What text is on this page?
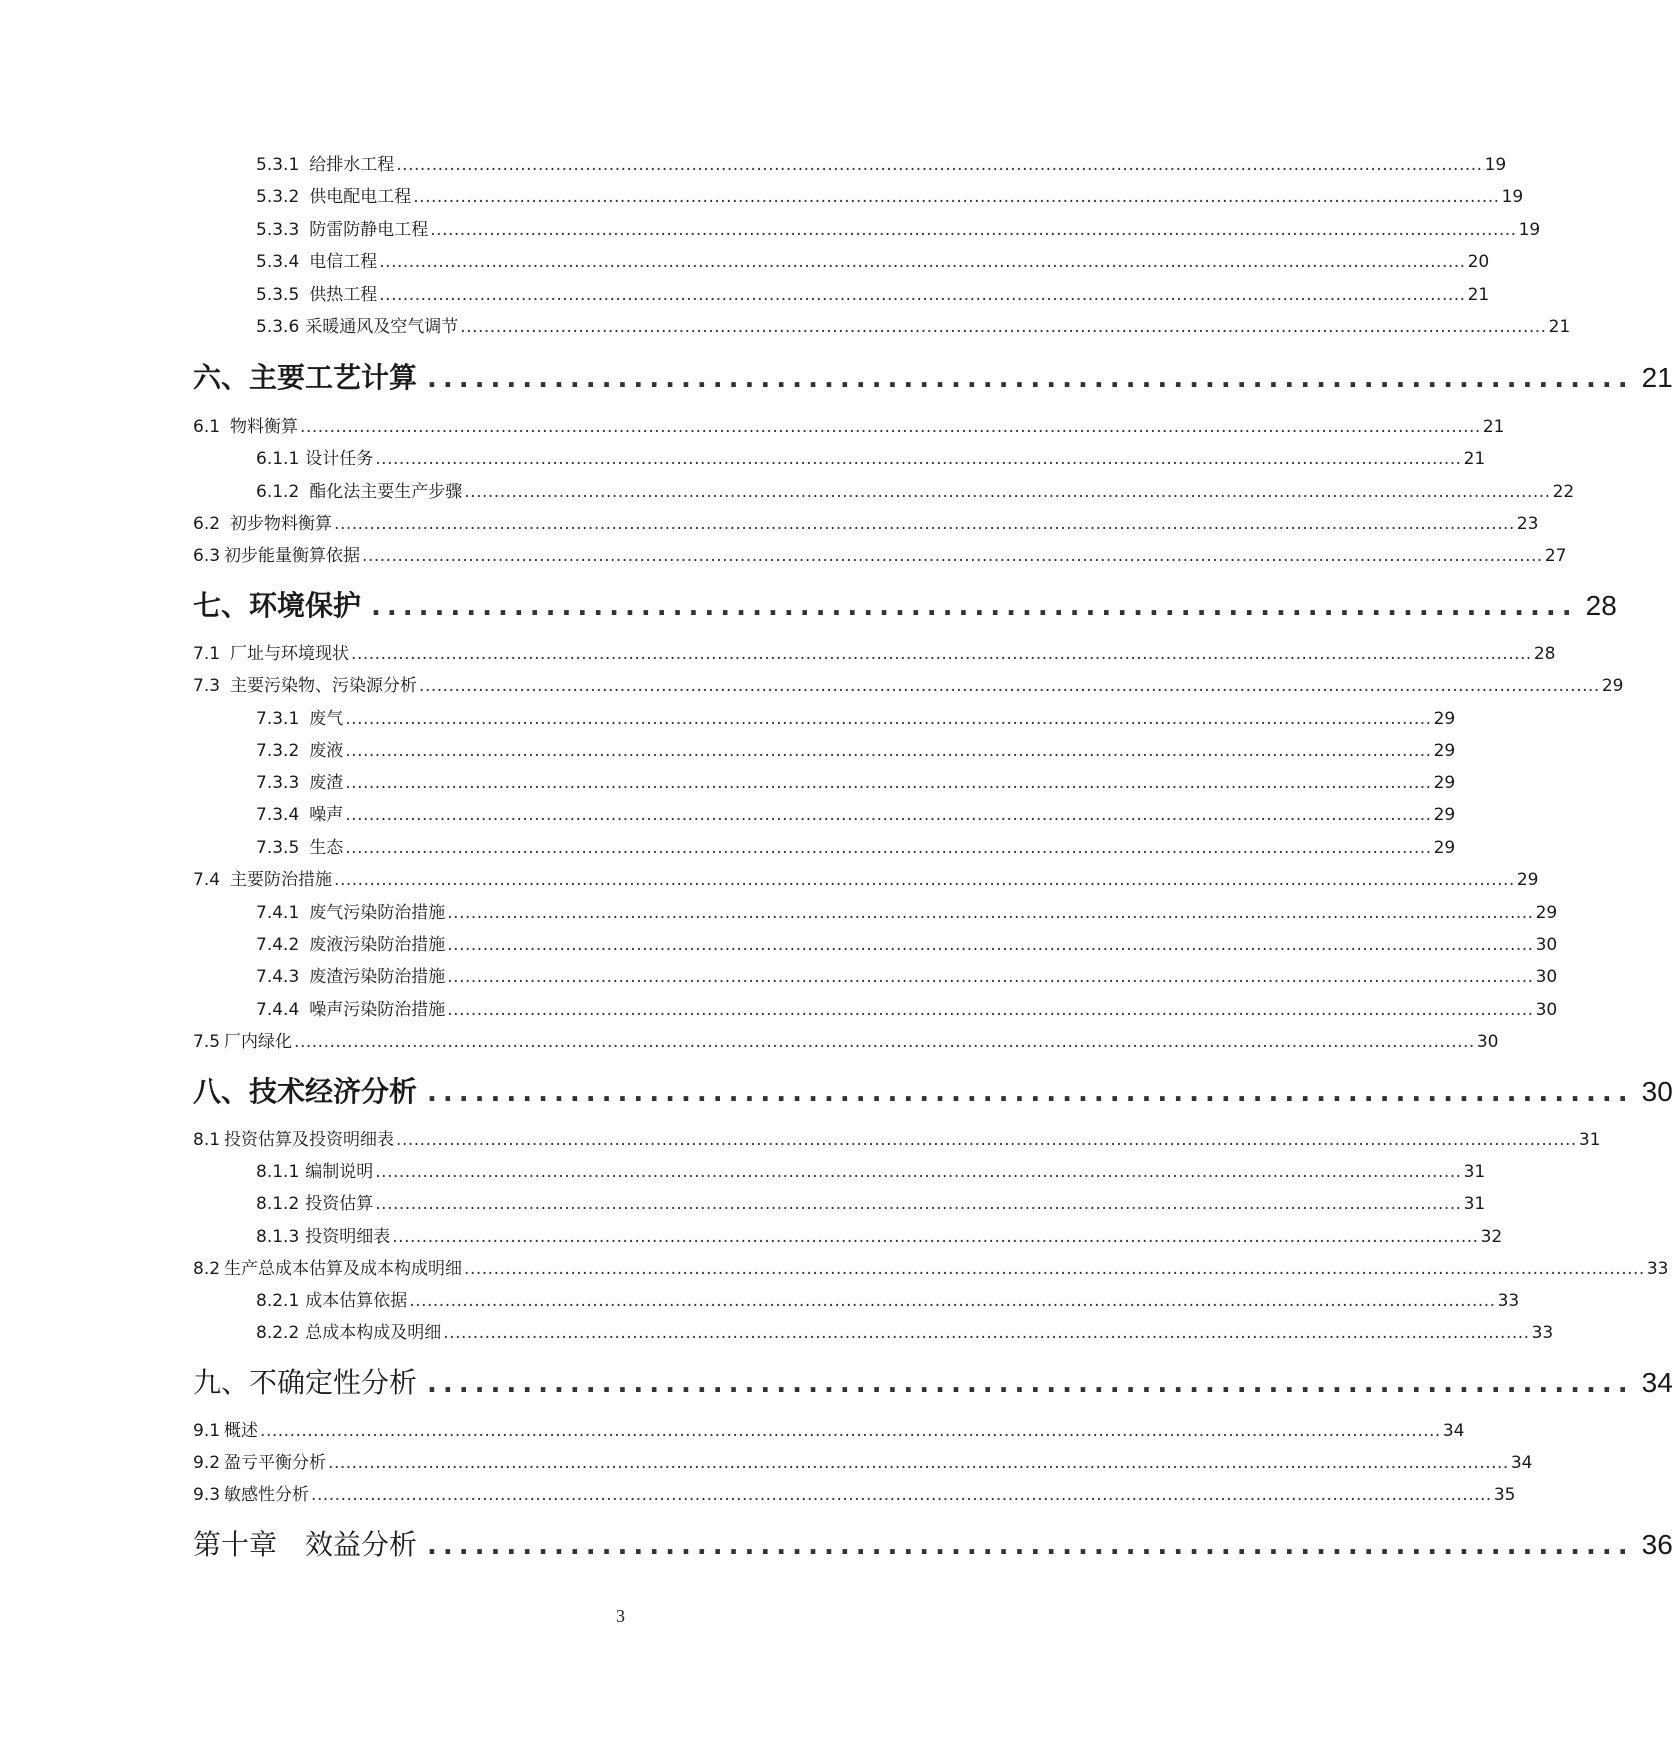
5.3.1 给排水工程 ........................................................................................................................................................................................ 19
5.3.2 供电配电工程 ........................................................................................................................................................................................ 19
5.3.3 防雷防静电工程 ........................................................................................................................................................................................ 19
5.3.4 电信工程 ........................................................................................................................................................................................ 20
5.3.5 供热工程 ........................................................................................................................................................................................ 21
5.3.6 采暖通风及空气调节 ........................................................................................................................................................................................ 21
六、主要工艺计算 ............................................................................ 21
6.1 物料衡算 ........................................................................................................................................................................................................ 21
6.1.1 设计任务 ........................................................................................................................................................................................ 21
6.1.2 酯化法主要生产步骤 ........................................................................................................................................................................................ 22
6.2 初步物料衡算 ........................................................................................................................................................................................................ 23
6.3 初步能量衡算依据 ........................................................................................................................................................................................................ 27
七、环境保护 ............................................................................ 28
7.1 厂址与环境现状 ........................................................................................................................................................................................................ 28
7.3 主要污染物、污染源分析 ........................................................................................................................................................................................................ 29
7.3.1 废气 ........................................................................................................................................................................................ 29
7.3.2 废液 ........................................................................................................................................................................................ 29
7.3.3 废渣 ........................................................................................................................................................................................ 29
7.3.4 噪声 ........................................................................................................................................................................................ 29
7.3.5 生态 ........................................................................................................................................................................................ 29
7.4 主要防治措施 ........................................................................................................................................................................................................ 29
7.4.1 废气污染防治措施 ........................................................................................................................................................................................ 29
7.4.2 废液污染防治措施 ........................................................................................................................................................................................ 30
7.4.3 废渣污染防治措施 ........................................................................................................................................................................................ 30
7.4.4 噪声污染防治措施 ........................................................................................................................................................................................ 30
7.5 厂内绿化 ........................................................................................................................................................................................................ 30
八、技术经济分析 ............................................................................ 30
8.1 投资估算及投资明细表 ........................................................................................................................................................................................................ 31
8.1.1 编制说明 ........................................................................................................................................................................................ 31
8.1.2 投资估算 ........................................................................................................................................................................................ 31
8.1.3 投资明细表 ........................................................................................................................................................................................ 32
8.2 生产总成本估算及成本构成明细 ........................................................................................................................................................................................................ 33
8.2.1 成本估算依据 ........................................................................................................................................................................................ 33
8.2.2 总成本构成及明细 ........................................................................................................................................................................................ 33
九、不确定性分析 ............................................................................ 34
9.1 概述 ........................................................................................................................................................................................................ 34
9.2 盈亏平衡分析 ........................................................................................................................................................................................................ 34
9.3 敏感性分析 ........................................................................................................................................................................................................ 35
第十章　效益分析 ............................................................................ 36
3
